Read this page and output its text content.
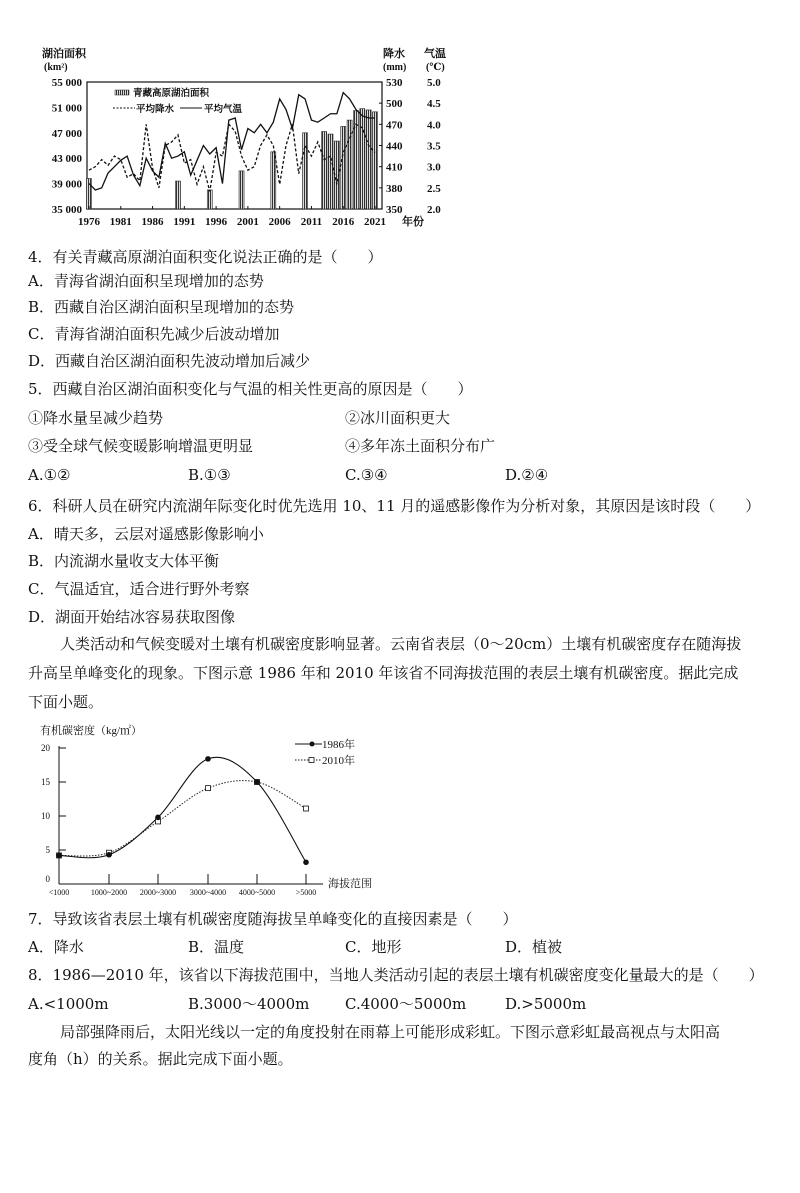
1976 1981 1986 1991 1996 2001 2006 2011 2016 2021 年份
55 000
51 000
47 000
43 000
39 000
35 000
530
500
470
440
410
380
350
5.0
4.5
4.0
3.5
3.0
2.5
2.0
湖泊面积
(km²)
降水
(mm)
气温
(℃)
青藏高原湖泊面积
平均降水	平均气温
4．有关青藏高原湖泊面积变化说法正确的是（　　）
A．青海省湖泊面积呈现增加的态势
B．西藏自治区湖泊面积呈现增加的态势
C．青海省湖泊面积先减少后波动增加
D．西藏自治区湖泊面积先波动增加后减少
5．西藏自治区湖泊面积变化与气温的相关性更高的原因是（　　）
①降水量呈减少趋势	②冰川面积更大
③受全球气候变暖影响增温更明显	④多年冻土面积分布广
A.①②	B.①③	C.③④	D.②④
6．科研人员在研究内流湖年际变化时优先选用 10、11 月的遥感影像作为分析对象，其原因是该时段（　　）
A．晴天多，云层对遥感影像影响小
B．内流湖水量收支大体平衡
C．气温适宜，适合进行野外考察
D．湖面开始结冰容易获取图像
人类活动和气候变暖对土壤有机碳密度影响显著。云南省表层（0～20cm）土壤有机碳密度存在随海拔
升高呈单峰变化的现象。下图示意 1986 年和 2010 年该省不同海拔范围的表层土壤有机碳密度。据此完成
下面小题。
0
5
10
15
20
<1000	1000~2000 2000~3000 3000~4000 4000~5000	>5000
海拔范围
有机碳密度（kg/㎡）
1986年
2010年
7．导致该省表层土壤有机碳密度随海拔呈单峰变化的直接因素是（　　）
A．降水	B．温度	C．地形	D．植被
8．1986—2010 年，该省以下海拔范围中，当地人类活动引起的表层土壤有机碳密度变化量最大的是（　　）
A.<1000m	B.3000～4000m C.4000～5000m	D.>5000m
局部强降雨后，太阳光线以一定的角度投射在雨幕上可能形成彩虹。下图示意彩虹最高视点与太阳高
度角（h）的关系。据此完成下面小题。
